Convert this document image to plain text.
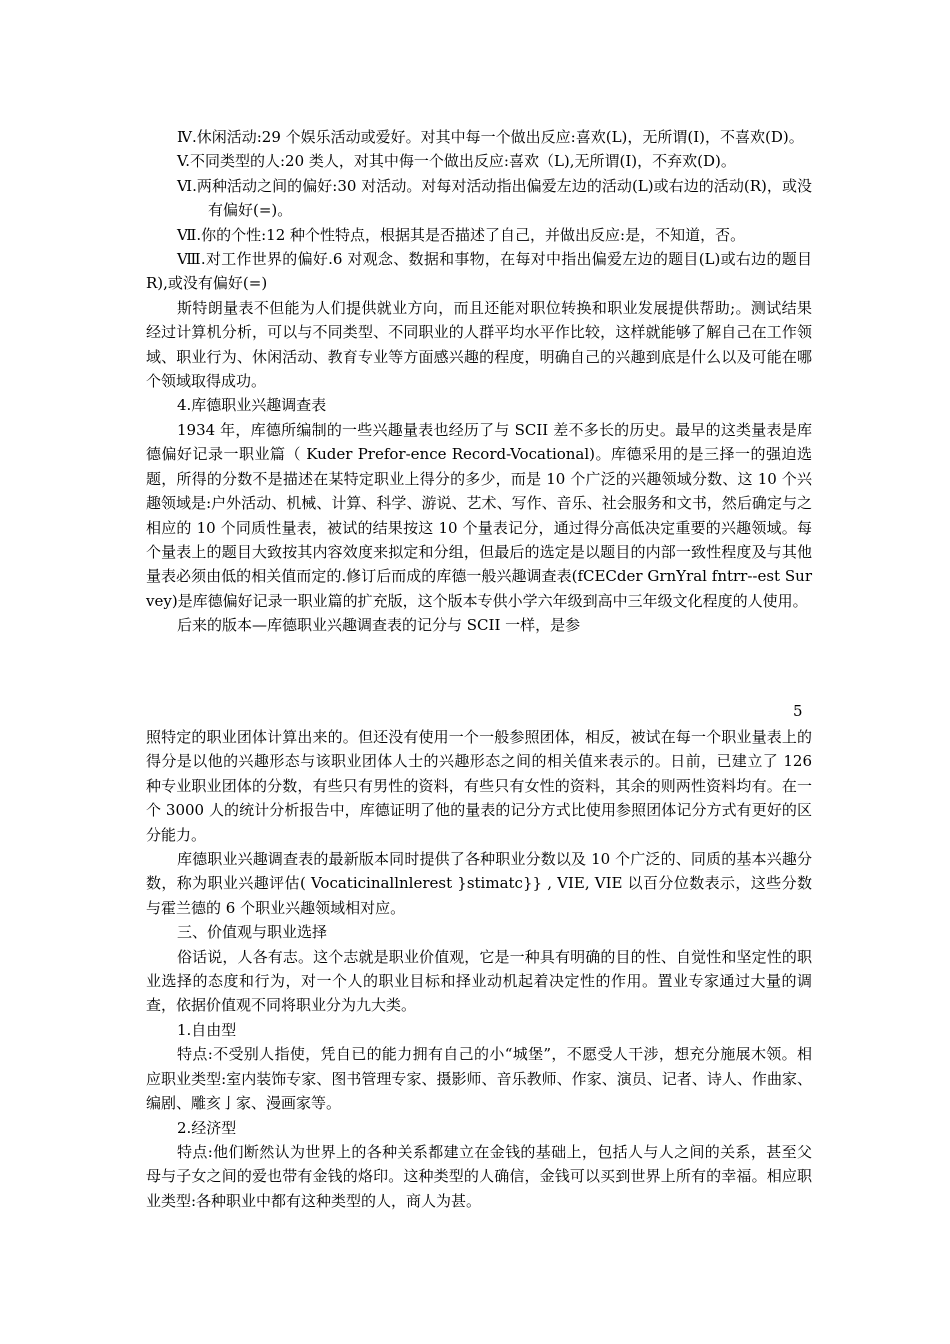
Ⅳ.休闲活动:29 个娱乐活动或爱好。对其中每一个做出反应:喜欢(L)，无所谓(I)，不喜欢(D)。

V.不同类型的人:20 类人，对其中侮一个做出反应:喜欢（L),无所谓(I)，不弃欢(D)。

Ⅵ.两种活动之间的偏好:30 对活动。对每对活动指出偏爱左边的活动(L)或右边的活动(R)，或没有偏好(=)。

Ⅶ.你的个性:12 种个性特点，根据其是否描述了自己，并做出反应:是，不知道，否。

Ⅷ.对工作世界的偏好.6 对观念、数据和事物，在每对中指出偏爱左边的题目(L)或右边的题目 R),或没有偏好(=)

斯特朗量表不但能为人们提供就业方向，而且还能对职位转换和职业发展提供帮助;。测试结果经过计算机分析，可以与不同类型、不同职业的人群平均水平作比较，这样就能够了解自己在工作领域、职业行为、休闲活动、教育专业等方面感兴趣的程度，明确自己的兴趣到底是什么以及可能在哪个领域取得成功。

4.库德职业兴趣调查表

1934 年，库德所编制的一些兴趣量表也经历了与 SCII 差不多长的历史。最早的这类量表是库德偏好记录一职业篇（ Kuder Prefor-ence Record-Vocational)。库德采用的是三择一的强迫选题，所得的分数不是描述在某特定职业上得分的多少，而是 10 个广泛的兴趣领域分数、这 10 个兴趣领域是:户外活动、机械、计算、科学、游说、艺术、写作、音乐、社会服务和文书，然后确定与之相应的 10 个同质性量表，被试的结果按这 10 个量表记分，通过得分高低决定重要的兴趣领域。每个量表上的题目大致按其内容效度来拟定和分组，但最后的选定是以题目的内部一致性程度及与其他量表必须由低的相关值而定的.修订后而成的库德一般兴趣调查表(fCECder GrnYral fntrr--est Survey)是库德偏好记录一职业篇的扩充版，这个版本专供小学六年级到高中三年级文化程度的人使用。

后来的版本—库德职业兴趣调查表的记分与 SCII 一样，是参

5

照特定的职业团体计算出来的。但还没有使用一个一般参照团体，相反，被试在每一个职业量表上的得分是以他的兴趣形态与该职业团体人士的兴趣形态之间的相关值来表示的。日前，已建立了 126 种专业职业团体的分数，有些只有男性的资料，有些只有女性的资料，其余的则两性资料均有。在一个 3000 人的统计分析报告中，库德证明了他的量表的记分方式比使用参照团体记分方式有更好的区分能力。

库德职业兴趣调查表的最新版本同时提供了各种职业分数以及 10 个广泛的、同质的基本兴趣分数，称为职业兴趣评估( Vocaticinallnlerest }stimatc}} , VIE, VIE 以百分位数表示，这些分数与霍兰德的 6 个职业兴趣领域相对应。

三、价值观与职业选择

俗话说，人各有志。这个志就是职业价值观，它是一种具有明确的目的性、自觉性和坚定性的职业选择的态度和行为，对一个人的职业目标和择业动机起着决定性的作用。置业专家通过大量的调查，依据价值观不同将职业分为九大类。

1.自由型

特点:不受别人指使，凭自已的能力拥有自己的小“城堡”，不愿受人干涉，想充分施展木领。相应职业类型:室内装饰专家、图书管理专家、摄影师、音乐教师、作家、演员、记者、诗人、作曲家、编剧、雕亥亅家、漫画家等。

2.经济型

特点:他们断然认为世界上的各种关系都建立在金钱的基础上，包括人与人之间的关系，甚至父母与子女之间的爱也带有金钱的烙印。这种类型的人确信，金钱可以买到世界上所有的幸福。相应职业类型:各种职业中都有这种类型的人，商人为甚。
